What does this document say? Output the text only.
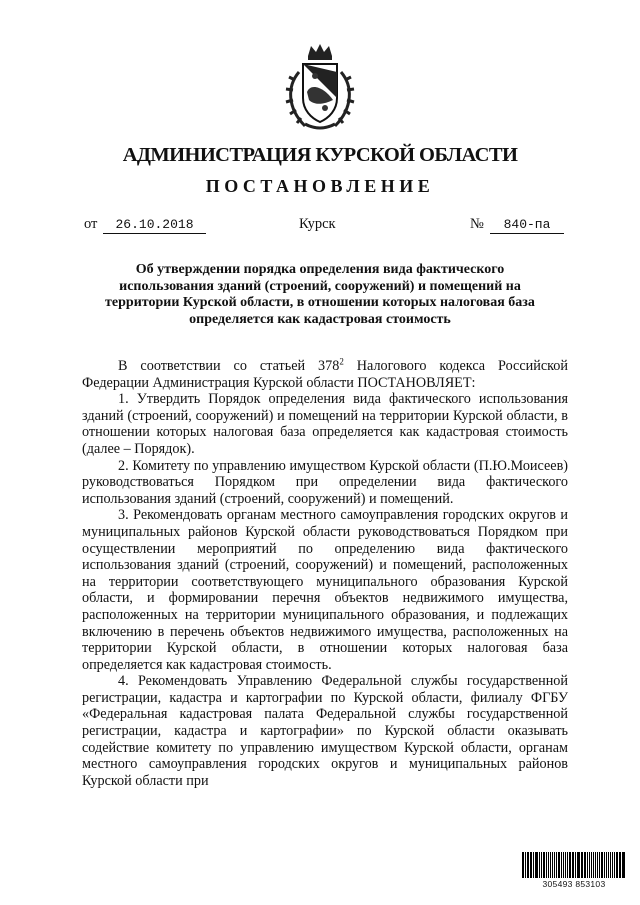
АДМИНИСТРАЦИЯ КУРСКОЙ ОБЛАСТИ
ПОСТАНОВЛЕНИЕ
от	26.10.2018	Курск	№	840-па
Об утверждении порядка определения вида фактического использования зданий (строений, сооружений) и помещений на территории Курской области, в отношении которых налоговая база определяется как кадастровая стоимость

В соответствии со статьей $378^2$ Налогового кодекса Российской Федерации Администрация Курской области ПОСТАНОВЛЯЕТ:

1. Утвердить Порядок определения вида фактического использования зданий (строений, сооружений) и помещений на территории Курской области, в отношении которых налоговая база определяется как кадастровая стоимость (далее – Порядок).

2. Комитету по управлению имуществом Курской области (П.Ю.Моисеев) руководствоваться Порядком при определении вида фактического использования зданий (строений, сооружений) и помещений.

3. Рекомендовать органам местного самоуправления городских округов и муниципальных районов Курской области руководствоваться Порядком при осуществлении мероприятий по определению вида фактического использования зданий (строений, сооружений) и помещений, расположенных на территории соответствующего муниципального образования Курской области, и формировании перечня объектов недвижимого имущества, расположенных на территории муниципального образования, и подлежащих включению в перечень объектов недвижимого имущества, расположенных на территории Курской области, в отношении которых налоговая база определяется как кадастровая стоимость.

4. Рекомендовать Управлению Федеральной службы государственной регистрации, кадастра и картографии по Курской области, филиалу ФГБУ «Федеральная кадастровая палата Федеральной службы государственной регистрации, кадастра и картографии» по Курской области оказывать содействие комитету по управлению имуществом Курской области, органам местного самоуправления городских округов и муниципальных районов Курской области при

305493 853103
